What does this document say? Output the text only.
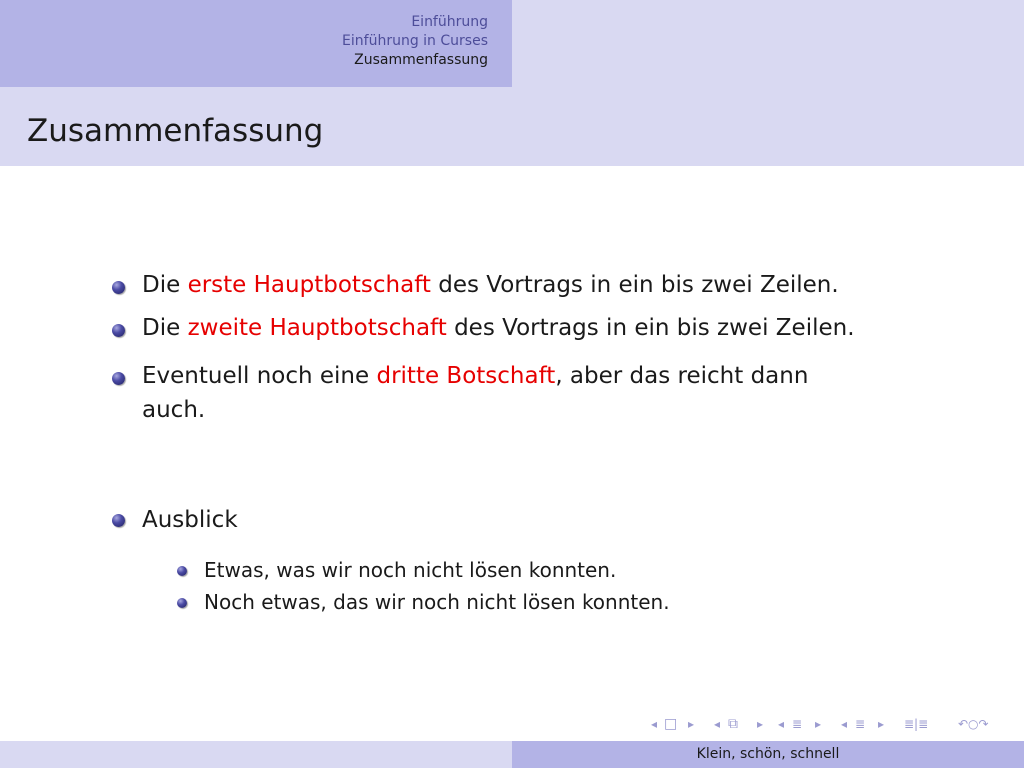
Einführung
Einführung in Curses
Zusammenfassung
Zusammenfassung
Die erste Hauptbotschaft des Vortrags in ein bis zwei Zeilen.
Die zweite Hauptbotschaft des Vortrags in ein bis zwei Zeilen.
Eventuell noch eine dritte Botschaft, aber das reicht dann
auch.
Ausblick
Etwas, was wir noch nicht lösen konnten.
Noch etwas, das wir noch nicht lösen konnten.
◂ □ ▸ ◂ ⧉ ▸ ◂ ≣ ▸ ◂ ≣ ▸ ≣|≣ ↶○↷
Klein, schön, schnell
